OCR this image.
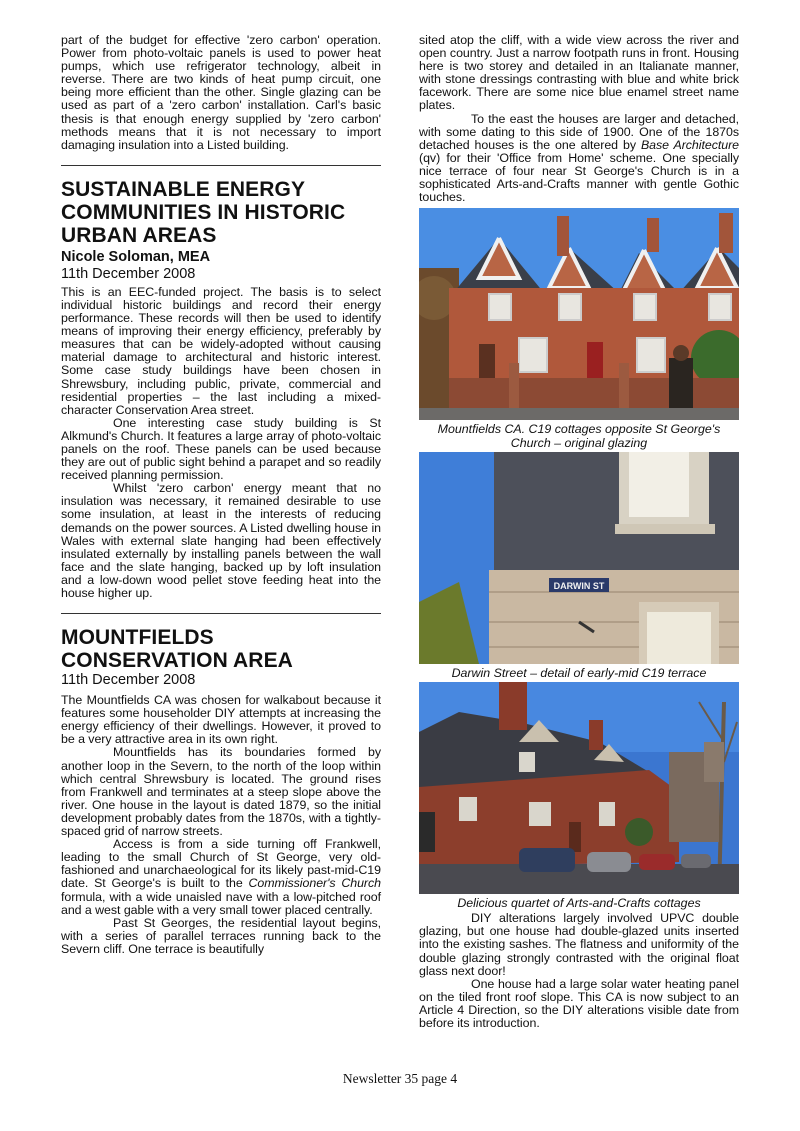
part of the budget for effective 'zero carbon' operation. Power from photo-voltaic panels is used to power heat pumps, which use refrigerator technology, albeit in reverse. There are two kinds of heat pump circuit, one being more efficient than the other. Single glazing can be used as part of a 'zero carbon' installation. Carl's basic thesis is that enough energy supplied by 'zero carbon' methods means that it is not necessary to import damaging insulation into a Listed building.

SUSTAINABLE ENERGY
COMMUNITIES IN HISTORIC
URBAN AREAS
Nicole Soloman, MEA
11th December 2008

This is an EEC-funded project. The basis is to select individual historic buildings and record their energy performance. These records will then be used to identify means of improving their energy efficiency, preferably by measures that can be widely-adopted without causing material damage to architectural and historic interest. Some case study buildings have been chosen in Shrewsbury, including public, private, commercial and residential properties – the last including a mixed-character Conservation Area street.

One interesting case study building is St Alkmund's Church. It features a large array of photo-voltaic panels on the roof. These panels can be used because they are out of public sight behind a parapet and so readily received planning permission.

Whilst 'zero carbon' energy meant that no insulation was necessary, it remained desirable to use some insulation, at least in the interests of reducing demands on the power sources. A Listed dwelling house in Wales with external slate hanging had been effectively insulated externally by installing panels between the wall face and the slate hanging, backed up by loft insulation and a low-down wood pellet stove feeding heat into the house higher up.

MOUNTFIELDS
CONSERVATION AREA
11th December 2008

The Mountfields CA was chosen for walkabout because it features some householder DIY attempts at increasing the energy efficiency of their dwellings. However, it proved to be a very attractive area in its own right.

Mountfields has its boundaries formed by another loop in the Severn, to the north of the loop within which central Shrewsbury is located. The ground rises from Frankwell and terminates at a steep slope above the river. One house in the layout is dated 1879, so the initial development probably dates from the 1870s, with a tightly-spaced grid of narrow streets.

Access is from a side turning off Frankwell, leading to the small Church of St George, very old-fashioned and unarchaeological for its likely past-mid-C19 date. St George's is built to the Commissioner's Church formula, with a wide unaisled nave with a low-pitched roof and a west gable with a very small tower placed centrally.

Past St Georges, the residential layout begins, with a series of parallel terraces running back to the Severn cliff. One terrace is beautifully

sited atop the cliff, with a wide view across the river and open country. Just a narrow footpath runs in front. Housing here is two storey and detailed in an Italianate manner, with stone dressings contrasting with blue and white brick facework. There are some nice blue enamel street name plates.

To the east the houses are larger and detached, with some dating to this side of 1900. One of the 1870s detached houses is the one altered by Base Architecture (qv) for their 'Office from Home' scheme. One specially nice terrace of four near St George's Church is in a sophisticated Arts-and-Crafts manner with gentle Gothic touches.

Mountfields CA. C19 cottages opposite St George's
Church – original glazing
DARWIN ST
Darwin Street – detail of early-mid C19 terrace
Delicious quartet of Arts-and-Crafts cottages

DIY alterations largely involved UPVC double glazing, but one house had double-glazed units inserted into the existing sashes. The flatness and uniformity of the double glazing strongly contrasted with the original float glass next door!

One house had a large solar water heating panel on the tiled front roof slope. This CA is now subject to an Article 4 Direction, so the DIY alterations visible date from before its introduction.

Newsletter 35 page 4
